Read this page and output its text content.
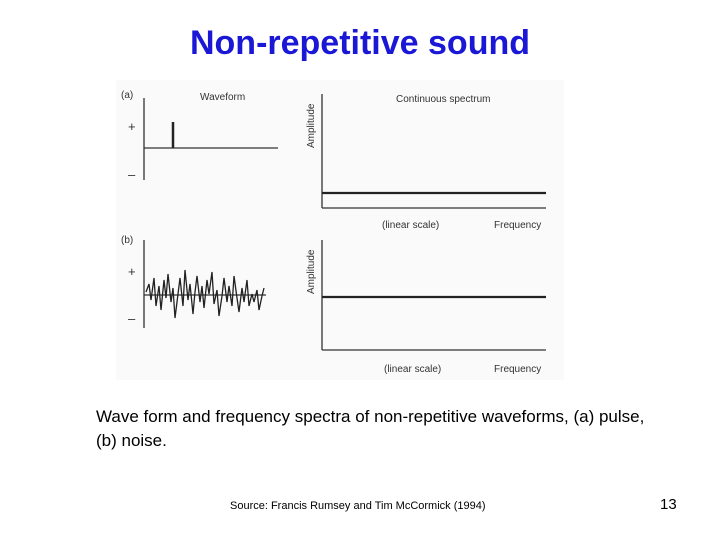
Non-repetitive sound
(a)	Waveform
+
–
Continuous spectrum
Amplitude
(linear scale)	Frequency
(b)
+
–
Amplitude
(linear scale)	Frequency
Wave form and frequency spectra of non-repetitive waveforms, (a) pulse, (b) noise.
Source: Francis Rumsey and Tim McCormick (1994)	13
